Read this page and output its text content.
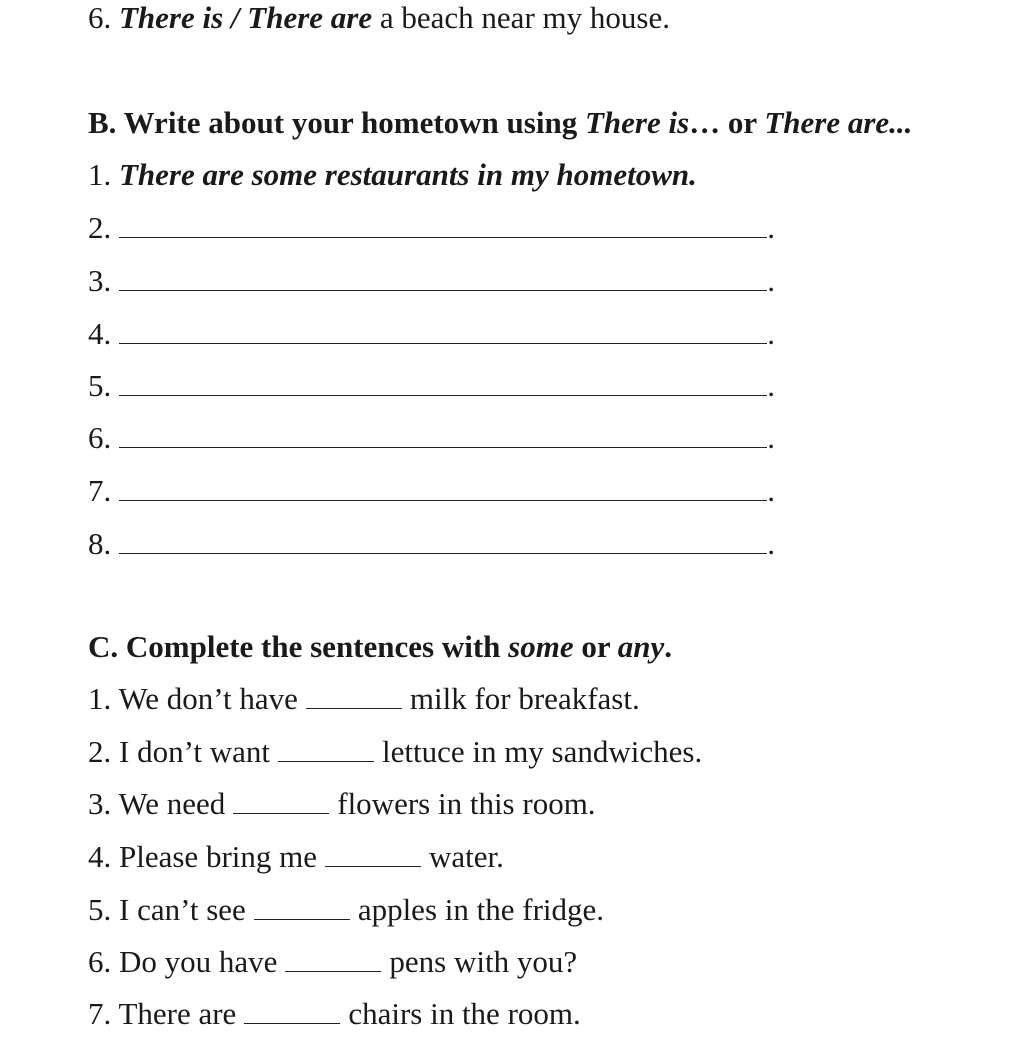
6. There is / There are a beach near my house.
B. Write about your hometown using There is… or There are...
1. There are some restaurants in my hometown.
2.	.
3.	.
4.	.
5.	.
6.	.
7.	.
8.	.
C. Complete the sentences with some or any.
1. We don’t have	milk for breakfast.
2. I don’t want	lettuce in my sandwiches.
3. We need	flowers in this room.
4. Please bring me	water.
5. I can’t see	apples in the fridge.
6. Do you have	pens with you?
7. There are	chairs in the room.
